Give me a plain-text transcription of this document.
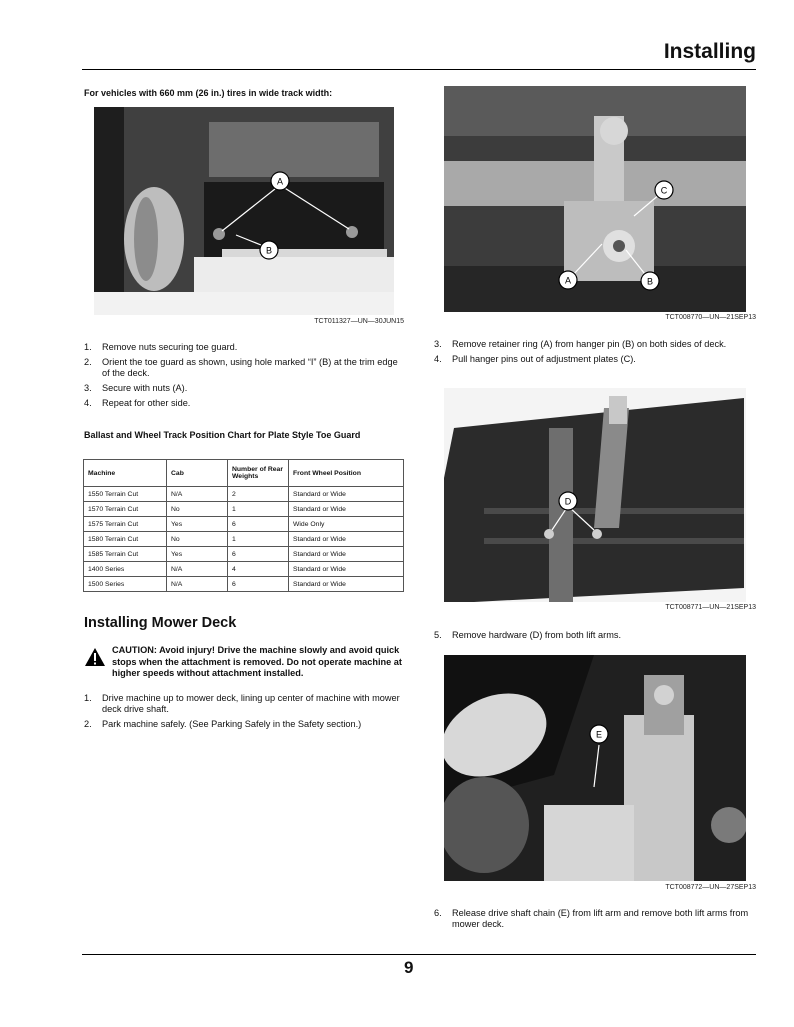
Installing
For vehicles with 660 mm (26 in.) tires in wide track width:
A
B
TCT011327—UN—30JUN15
1. Remove nuts securing toe guard.
2. Orient the toe guard as shown, using hole marked “I” (B) at the trim edge of the deck.
3. Secure with nuts (A).
4. Repeat for other side.
Ballast and Wheel Track Position Chart for Plate Style Toe Guard
Machine	Cab	Number of Rear Weights	Front Wheel Position
1550 Terrain Cut	N/A	2	Standard or Wide
1570 Terrain Cut	No	1	Standard or Wide
1575 Terrain Cut	Yes	6	Wide Only
1580 Terrain Cut	No	1	Standard or Wide
1585 Terrain Cut	Yes	6	Standard or Wide
1400 Series	N/A	4	Standard or Wide
1500 Series	N/A	6	Standard or Wide
Installing Mower Deck
CAUTION: Avoid injury! Drive the machine slowly and avoid quick stops when the attachment is removed. Do not operate machine at higher speeds without attachment installed.
1. Drive machine up to mower deck, lining up center of machine with mower deck drive shaft.
2. Park machine safely. (See Parking Safely in the Safety section.)
C
A	B
TCT008770—UN—21SEP13
3. Remove retainer ring (A) from hanger pin (B) on both sides of deck.
4. Pull hanger pins out of adjustment plates (C).
D
TCT008771—UN—21SEP13
5. Remove hardware (D) from both lift arms.
E
TCT008772—UN—27SEP13
6. Release drive shaft chain (E) from lift arm and remove both lift arms from mower deck.
9
